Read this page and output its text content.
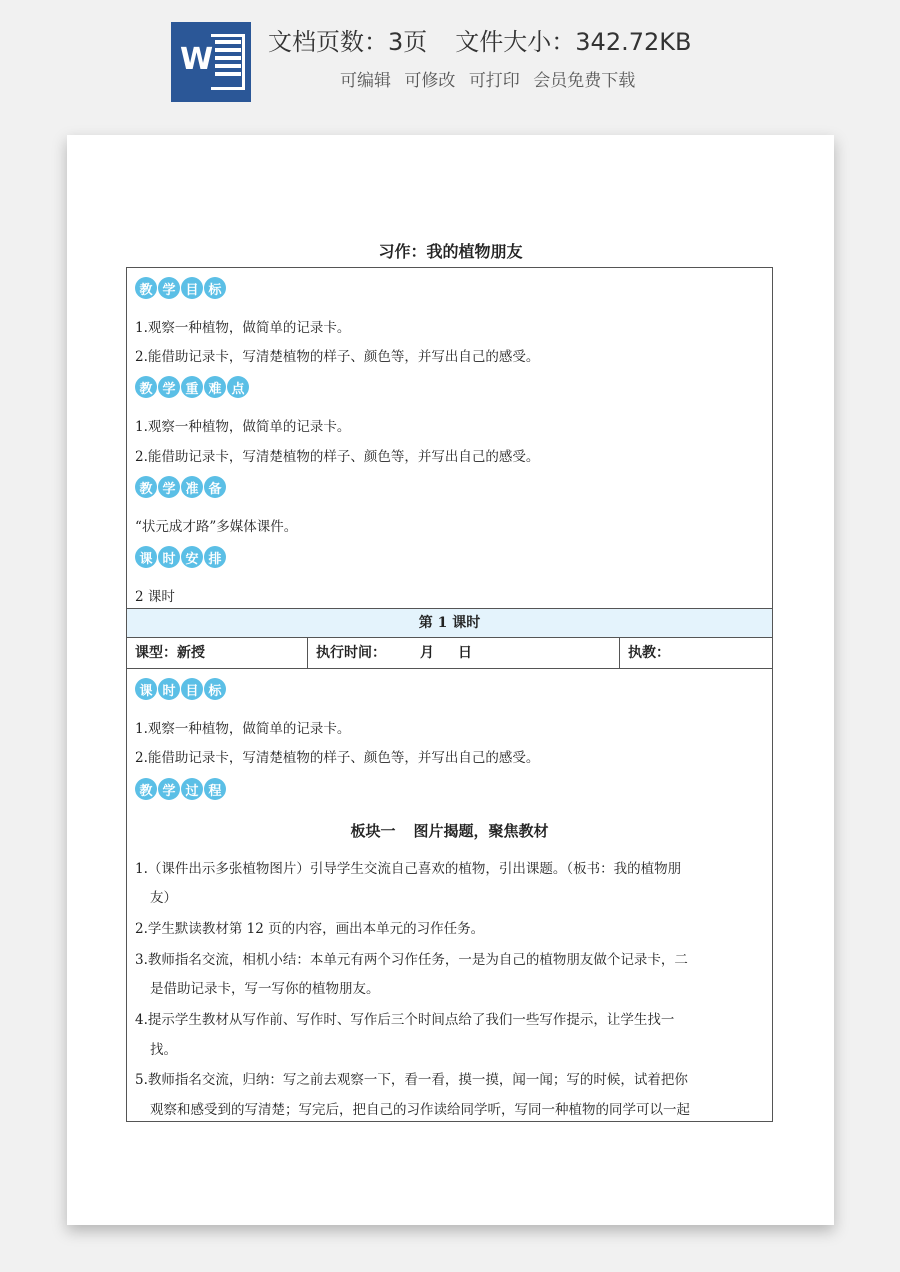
W 文档页数：3页 文件大小：342.72KB
可编辑 可修改 可打印 会员免费下载
习作：我的植物朋友
教 学 目 标
1.观察一种植物，做简单的记录卡。
2.能借助记录卡，写清楚植物的样子、颜色等，并写出自己的感受。
教 学 重 难 点
1.观察一种植物，做简单的记录卡。
2.能借助记录卡，写清楚植物的样子、颜色等，并写出自己的感受。
教 学 准 备
“状元成才路”多媒体课件。
课 时 安 排
2 课时
第 1 课时
课型：新授	执行时间： 月 日	执教：
课 时 目 标
1.观察一种植物，做简单的记录卡。
2.能借助记录卡，写清楚植物的样子、颜色等，并写出自己的感受。
教 学 过 程
板块一 图片揭题，聚焦教材
1.（课件出示多张植物图片）引导学生交流自己喜欢的植物，引出课题。（板书：我的植物朋
友）
2.学生默读教材第 12 页的内容，画出本单元的习作任务。
3.教师指名交流，相机小结：本单元有两个习作任务，一是为自己的植物朋友做个记录卡，二
是借助记录卡，写一写你的植物朋友。
4.提示学生教材从写作前、写作时、写作后三个时间点给了我们一些写作提示，让学生找一
找。
5.教师指名交流，归纳：写之前去观察一下，看一看，摸一摸，闻一闻；写的时候，试着把你
观察和感受到的写清楚；写完后，把自己的习作读给同学听，写同一种植物的同学可以一起
